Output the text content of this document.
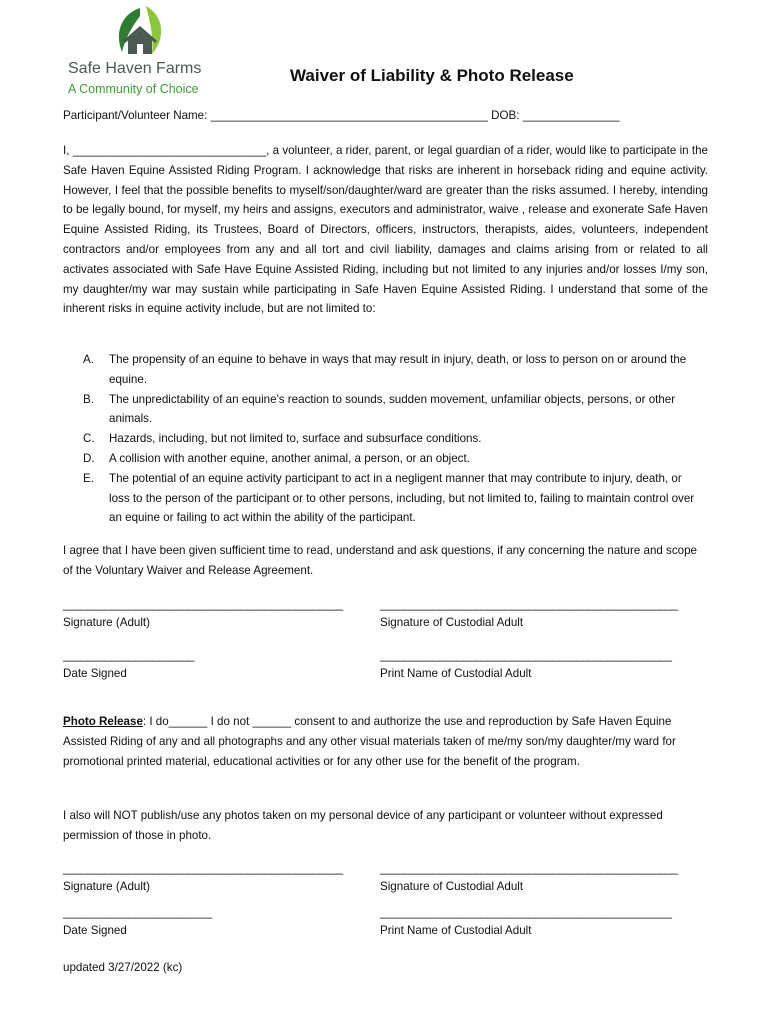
Safe Haven Farms
A Community of Choice
Waiver of Liability & Photo Release
Participant/Volunteer Name: ___________________________________________ DOB: _______________
I, ______________________________, a volunteer, a rider, parent, or legal guardian of a rider, would like to participate in the Safe Haven Equine Assisted Riding Program. I acknowledge that risks are inherent in horseback riding and equine activity. However, I feel that the possible benefits to myself/son/daughter/ward are greater than the risks assumed. I hereby, intending to be legally bound, for myself, my heirs and assigns, executors and administrator, waive , release and exonerate Safe Haven Equine Assisted Riding, its Trustees, Board of Directors, officers, instructors, therapists, aides, volunteers, independent contractors and/or employees from any and all tort and civil liability, damages and claims arising from or related to all activates associated with Safe Have Equine Assisted Riding, including but not limited to any injuries and/or losses I/my son, my daughter/my war may sustain while participating in Safe Haven Equine Assisted Riding. I understand that some of the inherent risks in equine activity include, but are not limited to:
A.	The propensity of an equine to behave in ways that may result in injury, death, or loss to person on or around the equine.
B.	The unpredictability of an equine's reaction to sounds, sudden movement, unfamiliar objects, persons, or other animals.
C.	Hazards, including, but not limited to, surface and subsurface conditions.
D.	A collision with another equine, another animal, a person, or an object.
E.	The potential of an equine activity participant to act in a negligent manner that may contribute to injury, death, or loss to the person of the participant or to other persons, including, but not limited to, failing to maintain control over an equine or failing to act within the ability of the participant.
I agree that I have been given sufficient time to read, understand and ask questions, if any concerning the nature and scope of the Voluntary Waiver and Release Agreement.
_______________________________________________
Signature (Adult)
__________________________________________________
Signature of Custodial Adult
______________________
Date Signed
_________________________________________________
Print Name of Custodial Adult
Photo Release: I do______ I do not ______ consent to and authorize the use and reproduction by Safe Haven Equine Assisted Riding of any and all photographs and any other visual materials taken of me/my son/my daughter/my ward for promotional printed material, educational activities or for any other use for the benefit of the program.
I also will NOT publish/use any photos taken on my personal device of any participant or volunteer without expressed permission of those in photo.
_______________________________________________
Signature (Adult)
__________________________________________________
Signature of Custodial Adult
_________________________
Date Signed
_________________________________________________
Print Name of Custodial Adult
updated 3/27/2022 (kc)
